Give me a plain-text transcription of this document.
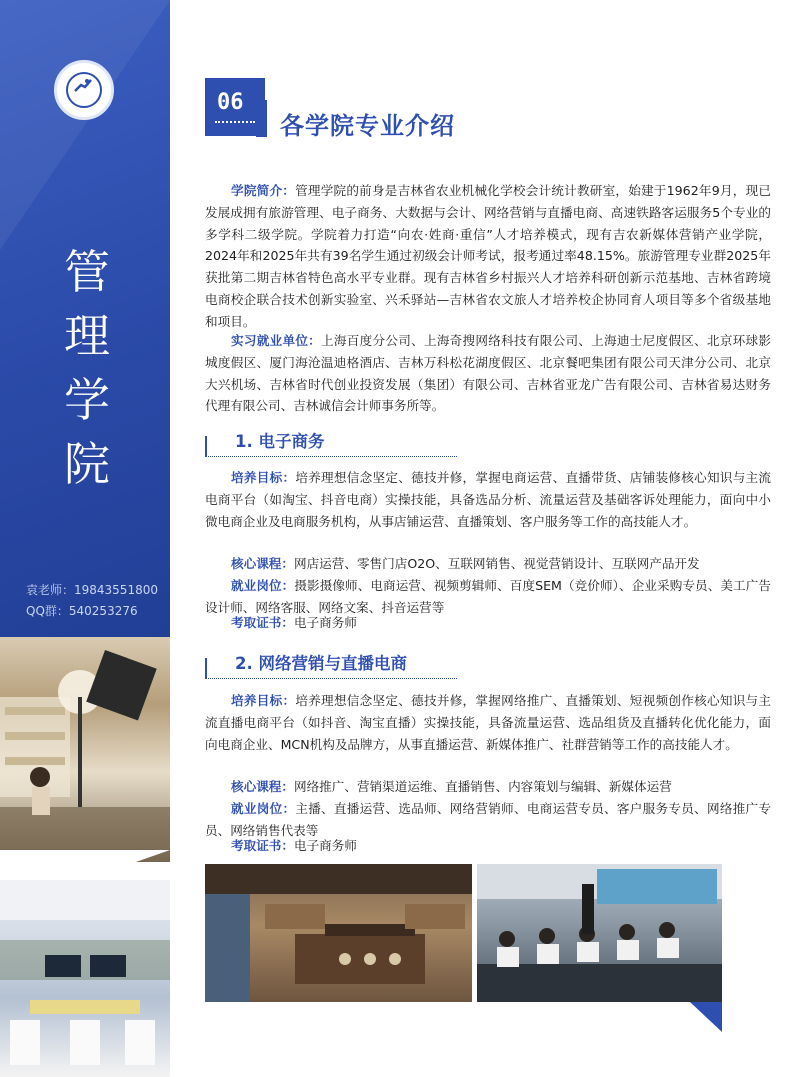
管
理
学
院
袁老师：19843551800
QQ群：540253276
06
各学院专业介绍
学院简介：管理学院的前身是吉林省农业机械化学校会计统计教研室，始建于1962年9月，现已发展成拥有旅游管理、电子商务、大数据与会计、网络营销与直播电商、高速铁路客运服务5个专业的多学科二级学院。学院着力打造“向农·姓商·重信”人才培养模式，现有吉农新媒体营销产业学院，2024年和2025年共有39名学生通过初级会计师考试，报考通过率48.15%。旅游管理专业群2025年获批第二期吉林省特色高水平专业群。现有吉林省乡村振兴人才培养科研创新示范基地、吉林省跨境电商校企联合技术创新实验室、兴禾驿站—吉林省农文旅人才培养校企协同育人项目等多个省级基地和项目。
实习就业单位：上海百度分公司、上海奇搜网络科技有限公司、上海迪士尼度假区、北京环球影城度假区、厦门海沧温迪格酒店、吉林万科松花湖度假区、北京餐吧集团有限公司天津分公司、北京大兴机场、吉林省时代创业投资发展（集团）有限公司、吉林省亚龙广告有限公司、吉林省易达财务代理有限公司、吉林诚信会计师事务所等。
1. 电子商务
培养目标：培养理想信念坚定、德技并修，掌握电商运营、直播带货、店铺装修核心知识与主流电商平台（如淘宝、抖音电商）实操技能，具备选品分析、流量运营及基础客诉处理能力，面向中小微电商企业及电商服务机构，从事店铺运营、直播策划、客户服务等工作的高技能人才。
核心课程：网店运营、零售门店O2O、互联网销售、视觉营销设计、互联网产品开发
就业岗位：摄影摄像师、电商运营、视频剪辑师、百度SEM（竞价师）、企业采购专员、美工广告设计师、网络客服、网络文案、抖音运营等
考取证书：电子商务师
2. 网络营销与直播电商
培养目标：培养理想信念坚定、德技并修，掌握网络推广、直播策划、短视频创作核心知识与主流直播电商平台（如抖音、淘宝直播）实操技能，具备流量运营、选品组货及直播转化优化能力，面向电商企业、MCN机构及品牌方，从事直播运营、新媒体推广、社群营销等工作的高技能人才。
核心课程：网络推广、营销渠道运维、直播销售、内容策划与编辑、新媒体运营
就业岗位：主播、直播运营、选品师、网络营销师、电商运营专员、客户服务专员、网络推广专员、网络销售代表等
考取证书：电子商务师
